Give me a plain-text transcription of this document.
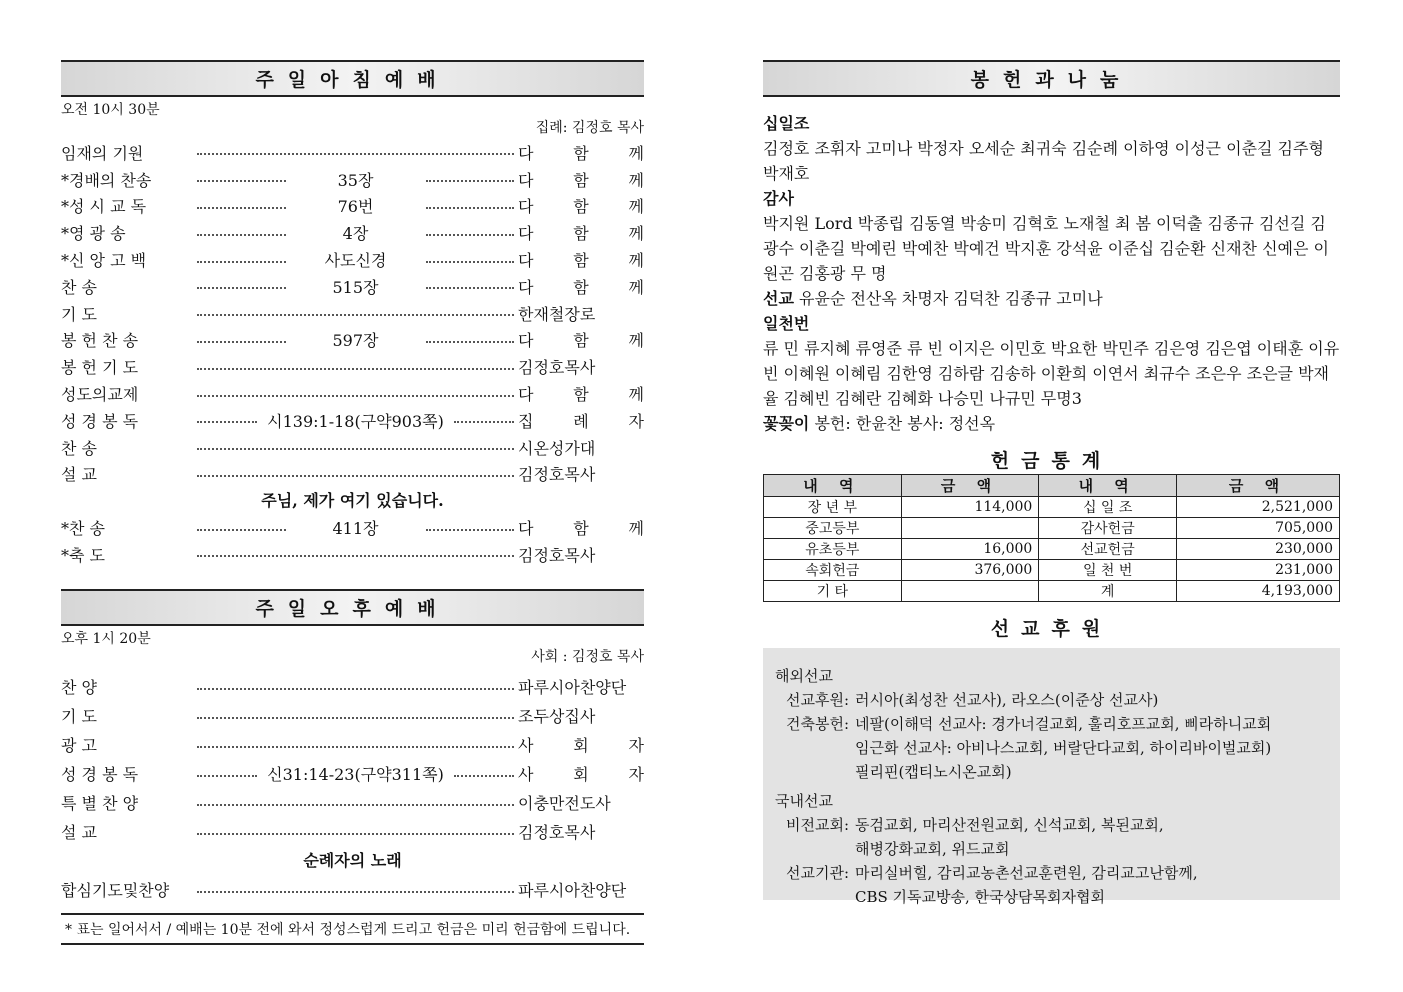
주일아침예배
오전 10시 30분
집례: 김정호 목사
임재의 기원	다 함 께
*경배의 찬송	35장	다 함 께
*성 시 교 독	76번	다 함 께
*영 광 송	4장	다 함 께
*신 앙 고 백	사도신경	다 함 께
찬 송	515장	다 함 께
기 도	한재철장로
봉 헌 찬 송	597장	다 함 께
봉 헌 기 도	김정호목사
성도의교제	다 함 께
성 경 봉 독	시139:1-18(구약903쪽)	집 례 자
찬 송	시온성가대
설 교	김정호목사
주님, 제가 여기 있습니다.
*찬 송	411장	다 함 께
*축 도	김정호목사
주일오후예배
오후 1시 20분
사회 : 김정호 목사
찬 양	파루시아찬양단
기 도	조두상집사
광 고	사 회 자
성 경 봉 독	신31:14-23(구약311쪽)	사 회 자
특 별 찬 양	이충만전도사
설 교	김정호목사
순례자의 노래
합심기도및찬양	파루시아찬양단
* 표는 일어서서 / 예배는 10분 전에 와서 정성스럽게 드리고 헌금은 미리 헌금함에 드립니다.
봉헌과나눔
십일조
김정호 조휘자 고미나 박정자 오세순 최귀숙 김순례 이하영 이성근 이춘길 김주형 박재호
감사
박지원 Lord 박종립 김동열 박송미 김혁호 노재철 최 봄 이덕출 김종규 김선길 김광수 이춘길 박예린 박예찬 박예건 박지훈 강석윤 이준십 김순환 신재찬 신예은 이원곤 김홍광 무 명
선교 유윤순 전산옥 차명자 김덕찬 김종규 고미나
일천번
류 민 류지혜 류영준 류 빈 이지은 이민호 박요한 박민주 김은영 김은엽 이태훈 이유빈 이혜원 이혜림 김한영 김하람 김송하 이환희 이연서 최규수 조은우 조은글 박재율 김혜빈 김혜란 김혜화 나승민 나규민 무명3
꽃꽂이 봉헌: 한윤찬 봉사: 정선옥
헌금통계
내 역	금 액	내 역	금 액
장 년 부	114,000	십 일 조	2,521,000
중고등부		감사헌금	705,000
유초등부	16,000	선교헌금	230,000
속회헌금	376,000	일 천 번	231,000
기 타		계	4,193,000
선교후원
해외선교
선교후원: 러시아(최성찬 선교사), 라오스(이준상 선교사)
건축봉헌: 네팔(이해덕 선교사: 경가너걸교회, 훌리호프교회, 삐라하니교회
임근화 선교사: 아비나스교회, 버랄단다교회, 하이리바이벌교회)
필리핀(캡티노시온교회)
국내선교
비전교회: 동검교회, 마리산전원교회, 신석교회, 복된교회,
해병강화교회, 위드교회
선교기관: 마리실버힐, 감리교농촌선교훈련원, 감리교고난함께,
CBS 기독교방송, 한국상담목회자협회
